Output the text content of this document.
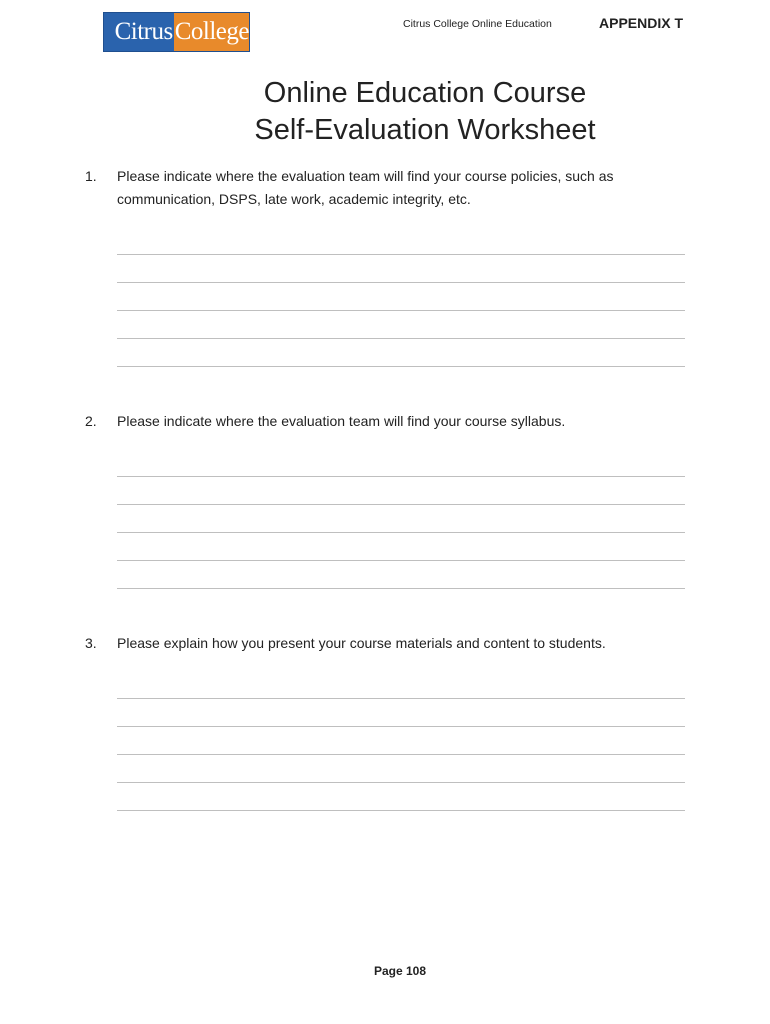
Citrus College	Citrus College Online Education	APPENDIX T
Online Education Course
Self-Evaluation Worksheet
1. Please indicate where the evaluation team will find your course policies, such as communication, DSPS, late work, academic integrity, etc.
2. Please indicate where the evaluation team will find your course syllabus.
3. Please explain how you present your course materials and content to students.
Page 108
